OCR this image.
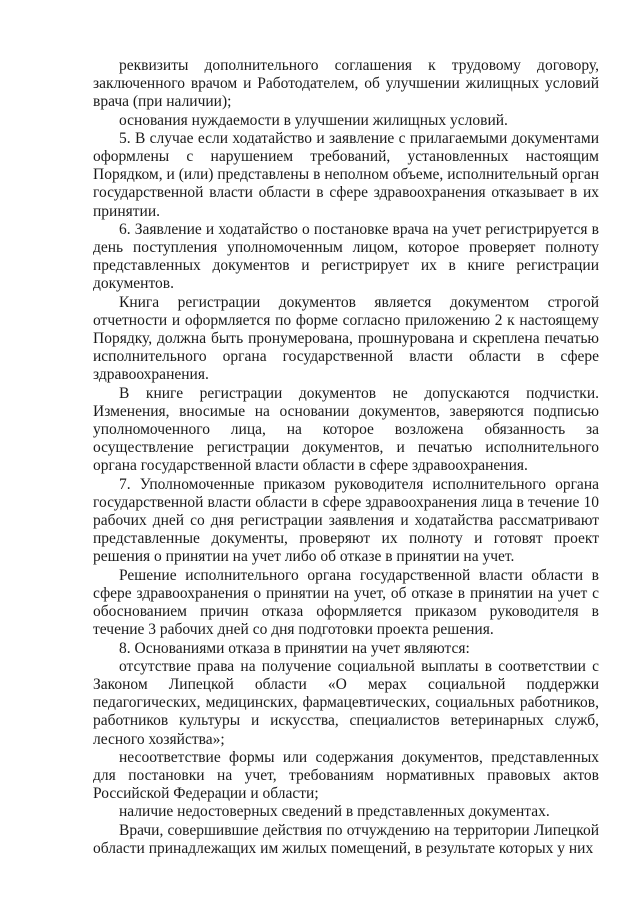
реквизиты дополнительного соглашения к трудовому договору, заключенного врачом и Работодателем, об улучшении жилищных условий врача (при наличии);

основания нуждаемости в улучшении жилищных условий.

5. В случае если ходатайство и заявление с прилагаемыми документами оформлены с нарушением требований, установленных настоящим Порядком, и (или) представлены в неполном объеме, исполнительный орган государственной власти области в сфере здравоохранения отказывает в их принятии.

6. Заявление и ходатайство о постановке врача на учет регистрируется в день поступления уполномоченным лицом, которое проверяет полноту представленных документов и регистрирует их в книге регистрации документов.

Книга регистрации документов является документом строгой отчетности и оформляется по форме согласно приложению 2 к настоящему Порядку, должна быть пронумерована, прошнурована и скреплена печатью исполнительного органа государственной власти области в сфере здравоохранения.

В книге регистрации документов не допускаются подчистки. Изменения, вносимые на основании документов, заверяются подписью уполномоченного лица, на которое возложена обязанность за осуществление регистрации документов, и печатью исполнительного органа государственной власти области в сфере здравоохранения.

7. Уполномоченные приказом руководителя исполнительного органа государственной власти области в сфере здравоохранения лица в течение 10 рабочих дней со дня регистрации заявления и ходатайства рассматривают представленные документы, проверяют их полноту и готовят проект решения о принятии на учет либо об отказе в принятии на учет.

Решение исполнительного органа государственной власти области в сфере здравоохранения о принятии на учет, об отказе в принятии на учет с обоснованием причин отказа оформляется приказом руководителя в течение 3 рабочих дней со дня подготовки проекта решения.

8. Основаниями отказа в принятии на учет являются:

отсутствие права на получение социальной выплаты в соответствии с Законом Липецкой области «О мерах социальной поддержки педагогических, медицинских, фармацевтических, социальных работников, работников культуры и искусства, специалистов ветеринарных служб, лесного хозяйства»;

несоответствие формы или содержания документов, представленных для постановки на учет, требованиям нормативных правовых актов Российской Федерации и области;

наличие недостоверных сведений в представленных документах.

Врачи, совершившие действия по отчуждению на территории Липецкой области принадлежащих им жилых помещений, в результате которых у них
